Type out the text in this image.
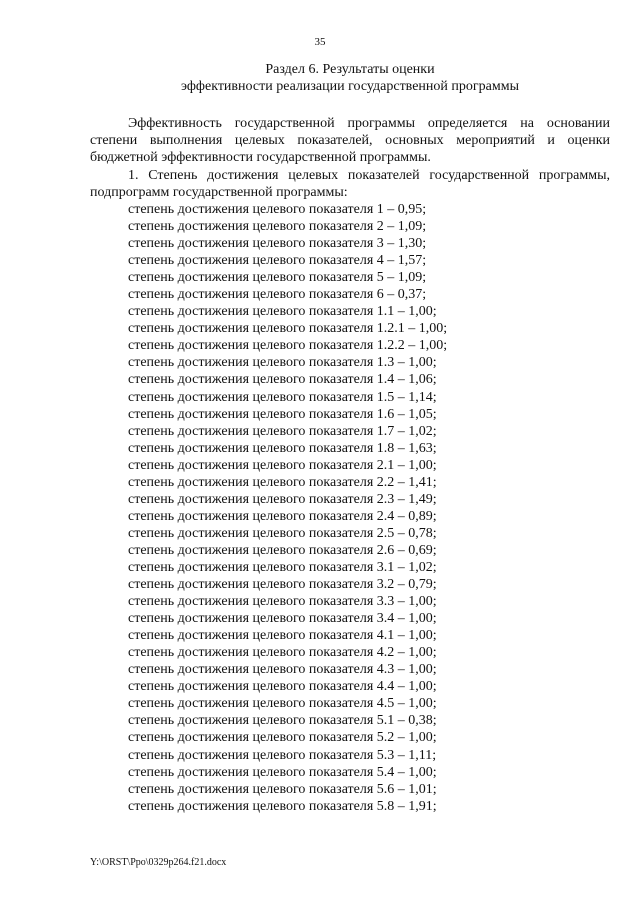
35
Раздел 6. Результаты оценки
эффективности реализации государственной программы
Эффективность государственной программы определяется на основании
степени выполнения целевых показателей, основных мероприятий и оценки
бюджетной эффективности государственной программы.
1. Степень достижения целевых показателей государственной программы,
подпрограмм государственной программы:
степень достижения целевого показателя 1 – 0,95;
степень достижения целевого показателя 2 – 1,09;
степень достижения целевого показателя 3 – 1,30;
степень достижения целевого показателя 4 – 1,57;
степень достижения целевого показателя 5 – 1,09;
степень достижения целевого показателя 6 – 0,37;
степень достижения целевого показателя 1.1 – 1,00;
степень достижения целевого показателя 1.2.1 – 1,00;
степень достижения целевого показателя 1.2.2 – 1,00;
степень достижения целевого показателя 1.3 – 1,00;
степень достижения целевого показателя 1.4 – 1,06;
степень достижения целевого показателя 1.5 – 1,14;
степень достижения целевого показателя 1.6 – 1,05;
степень достижения целевого показателя 1.7 – 1,02;
степень достижения целевого показателя 1.8 – 1,63;
степень достижения целевого показателя 2.1 – 1,00;
степень достижения целевого показателя 2.2 – 1,41;
степень достижения целевого показателя 2.3 – 1,49;
степень достижения целевого показателя 2.4 – 0,89;
степень достижения целевого показателя 2.5 – 0,78;
степень достижения целевого показателя 2.6 – 0,69;
степень достижения целевого показателя 3.1 – 1,02;
степень достижения целевого показателя 3.2 – 0,79;
степень достижения целевого показателя 3.3 – 1,00;
степень достижения целевого показателя 3.4 – 1,00;
степень достижения целевого показателя 4.1 – 1,00;
степень достижения целевого показателя 4.2 – 1,00;
степень достижения целевого показателя 4.3 – 1,00;
степень достижения целевого показателя 4.4 – 1,00;
степень достижения целевого показателя 4.5 – 1,00;
степень достижения целевого показателя 5.1 – 0,38;
степень достижения целевого показателя 5.2 – 1,00;
степень достижения целевого показателя 5.3 – 1,11;
степень достижения целевого показателя 5.4 – 1,00;
степень достижения целевого показателя 5.6 – 1,01;
степень достижения целевого показателя 5.8 – 1,91;
Y:\ORST\Ppo\0329p264.f21.docx
